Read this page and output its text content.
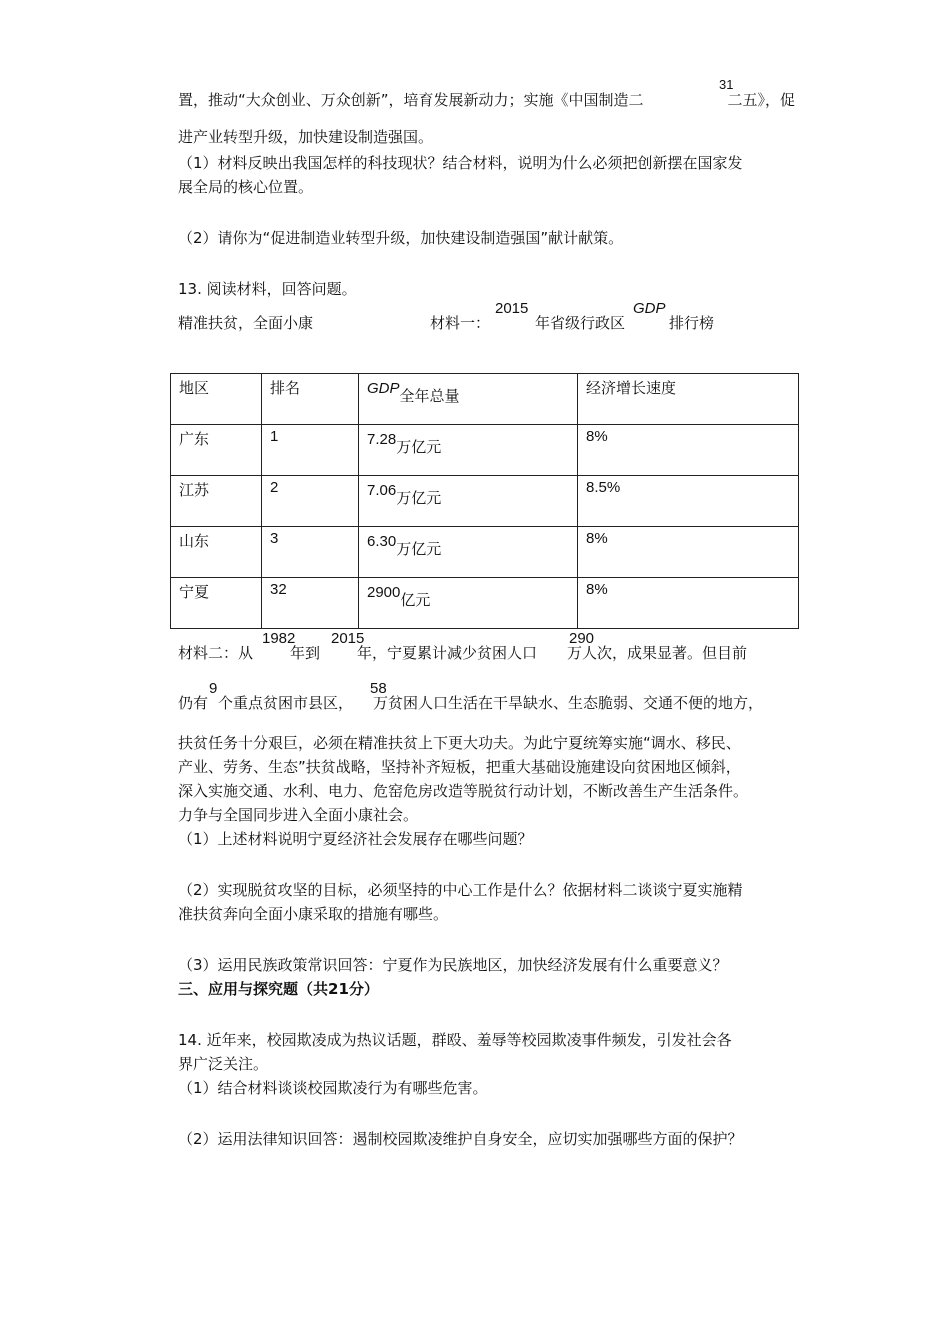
置，推动“大众创业、万众创新”，培育发展新动力；实施《中国制造二	二五》，促
31
进产业转型升级，加快建设制造强国。
（1）材料反映出我国怎样的科技现状？结合材料，说明为什么必须把创新摆在国家发
展全局的核心位置。
（2）请你为“促进制造业转型升级，加快建设制造强国”献计献策。
13. 阅读材料，回答问题。
精准扶贫，全面小康	材料一：
2015
年省级行政区
GDP
排行榜
地区	排名	GDP全年总量	经济增长速度

广东	1	7.28万亿元	8%

江苏	2	7.06万亿元	8.5%

山东	3	6.30万亿元	8%

宁夏	32	2900亿元	8%
材料二：从 年到 年，宁夏累计减少贫困人口 万人次，成果显著。但目前
1982 2015	290
仍有 个重点贫困市县区， 万贫困人口生活在干旱缺水、生态脆弱、交通不便的地方，
9	58
扶贫任务十分艰巨，必须在精准扶贫上下更大功夫。为此宁夏统筹实施“调水、移民、
产业、劳务、生态”扶贫战略，坚持补齐短板，把重大基础设施建设向贫困地区倾斜，
深入实施交通、水利、电力、危窑危房改造等脱贫行动计划，不断改善生产生活条件。
力争与全国同步进入全面小康社会。
（1）上述材料说明宁夏经济社会发展存在哪些问题？
（2）实现脱贫攻坚的目标，必须坚持的中心工作是什么？依据材料二谈谈宁夏实施精
准扶贫奔向全面小康采取的措施有哪些。
（3）运用民族政策常识回答：宁夏作为民族地区，加快经济发展有什么重要意义？
三、应用与探究题（共21分）
14. 近年来，校园欺凌成为热议话题，群殴、羞辱等校园欺凌事件频发，引发社会各
界广泛关注。
（1）结合材料谈谈校园欺凌行为有哪些危害。
（2）运用法律知识回答：遏制校园欺凌维护自身安全，应切实加强哪些方面的保护？
